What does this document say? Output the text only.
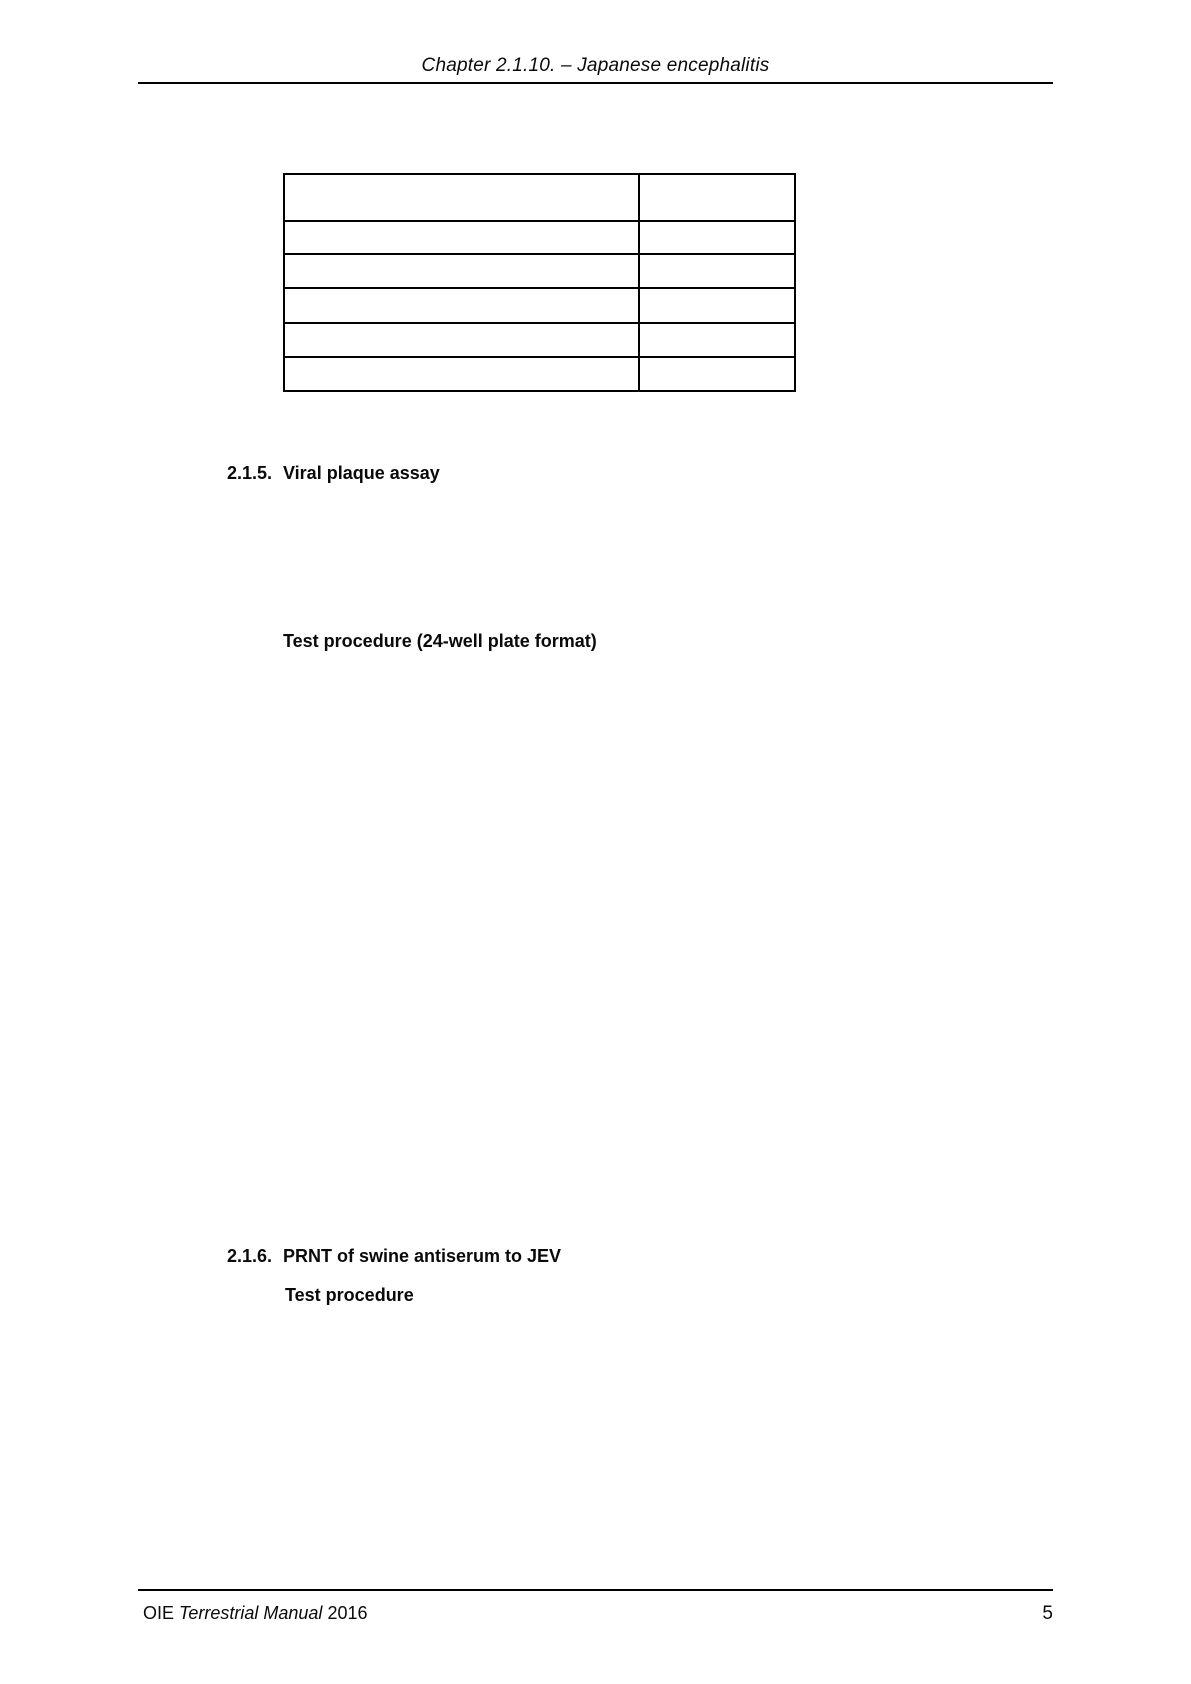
Chapter 2.1.10. – Japanese encephalitis

2.1.5. Viral plaque assay
Test procedure (24-well plate format)
2.1.6. PRNT of swine antiserum to JEV
Test procedure
OIE Terrestrial Manual 2016	5
